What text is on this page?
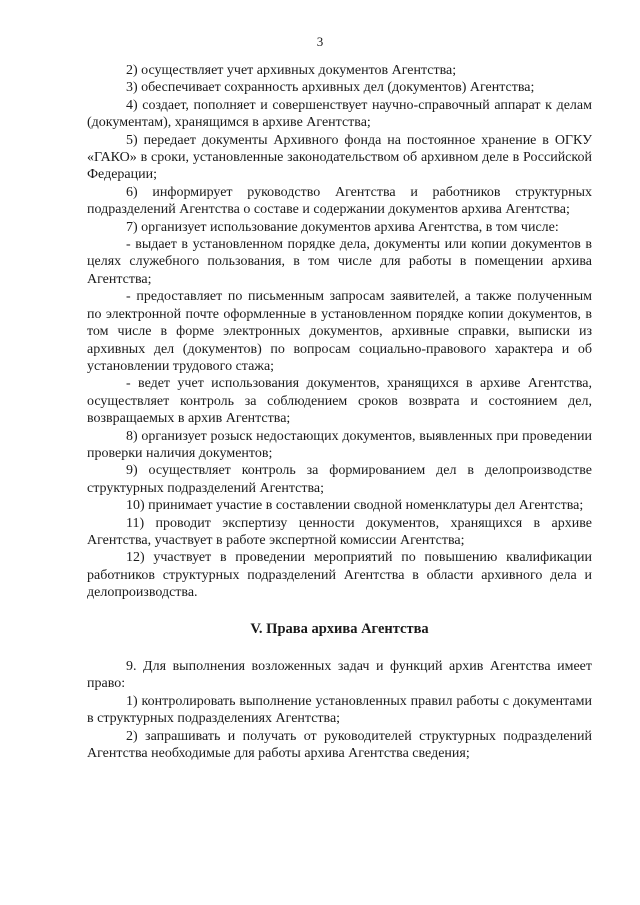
3

2) осуществляет учет архивных документов Агентства;

3) обеспечивает сохранность архивных дел (документов) Агентства;

4) создает, пополняет и совершенствует научно-справочный аппарат к делам (документам), хранящимся в архиве Агентства;

5) передает документы Архивного фонда на постоянное хранение в ОГКУ «ГАКО» в сроки, установленные законодательством об архивном деле в Российской Федерации;

6) информирует руководство Агентства и работников структурных подразделений Агентства о составе и содержании документов архива Агентства;

7) организует использование документов архива Агентства, в том числе:

- выдает в установленном порядке дела, документы или копии документов в целях служебного пользования, в том числе для работы в помещении архива Агентства;

- предоставляет по письменным запросам заявителей, а также полученным по электронной почте оформленные в установленном порядке копии документов, в том числе в форме электронных документов, архивные справки, выписки из архивных дел (документов) по вопросам социально-правового характера и об установлении трудового стажа;

- ведет учет использования документов, хранящихся в архиве Агентства, осуществляет контроль за соблюдением сроков возврата и состоянием дел, возвращаемых в архив Агентства;

8) организует розыск недостающих документов, выявленных при проведении проверки наличия документов;

9) осуществляет контроль за формированием дел в делопроизводстве структурных подразделений Агентства;

10) принимает участие в составлении сводной номенклатуры дел Агентства;

11) проводит экспертизу ценности документов, хранящихся в архиве Агентства, участвует в работе экспертной комиссии Агентства;

12) участвует в проведении мероприятий по повышению квалификации работников структурных подразделений Агентства в области архивного дела и делопроизводства.

V. Права архива Агентства

9. Для выполнения возложенных задач и функций архив Агентства имеет право:

1) контролировать выполнение установленных правил работы с документами в структурных подразделениях Агентства;

2) запрашивать и получать от руководителей структурных подразделений Агентства необходимые для работы архива Агентства сведения;
